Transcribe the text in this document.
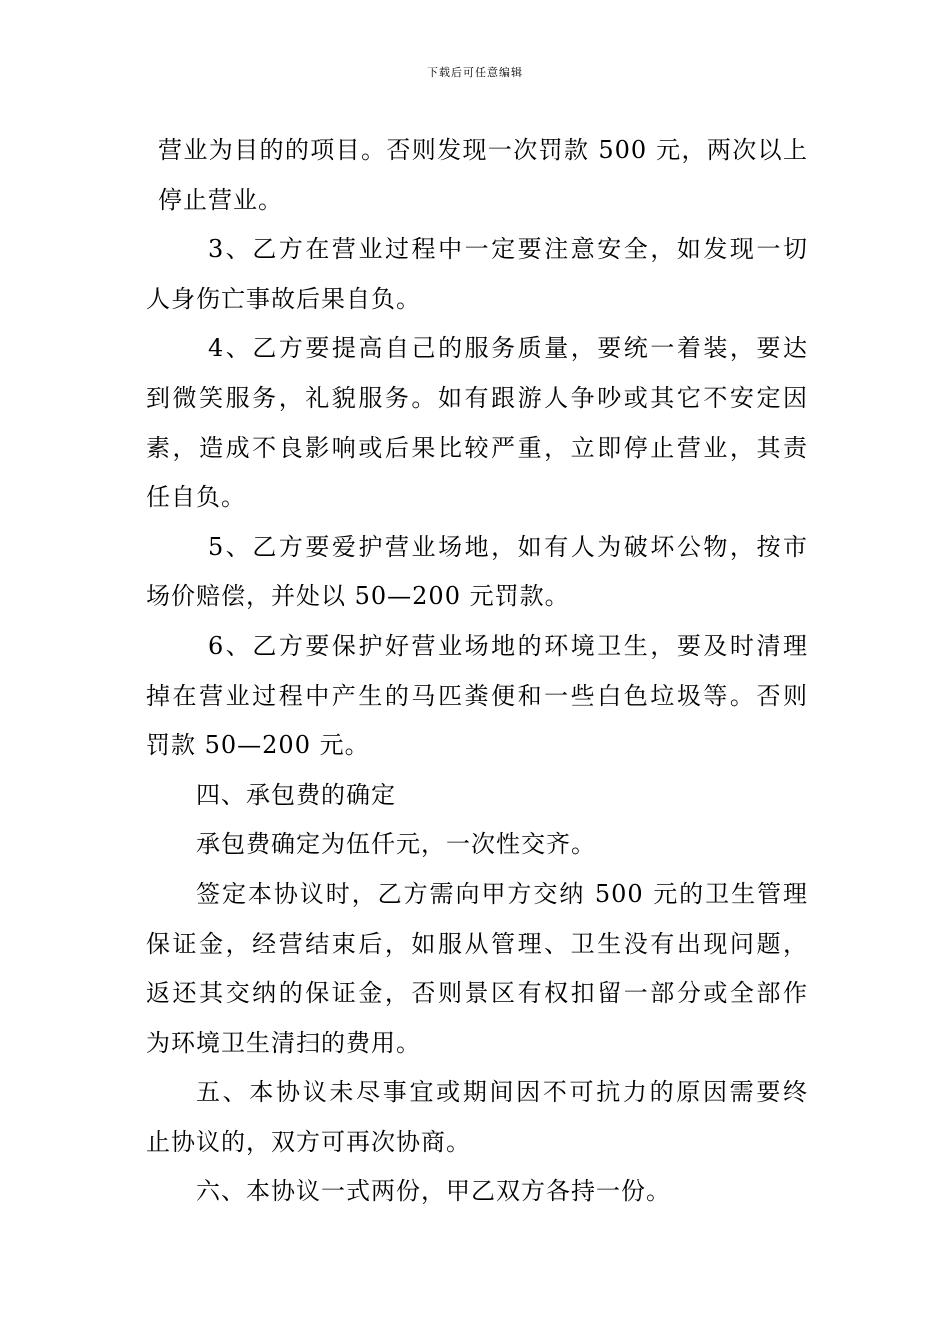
下载后可任意编辑
营业为目的的项目。否则发现一次罚款 500 元，两次以上
停止营业。
3、乙方在营业过程中一定要注意安全，如发现一切
人身伤亡事故后果自负。
4、乙方要提高自己的服务质量，要统一着装，要达
到微笑服务，礼貌服务。如有跟游人争吵或其它不安定因
素，造成不良影响或后果比较严重，立即停止营业，其责
任自负。
5、乙方要爱护营业场地，如有人为破坏公物，按市
场价赔偿，并处以 50—200 元罚款。
6、乙方要保护好营业场地的环境卫生，要及时清理
掉在营业过程中产生的马匹粪便和一些白色垃圾等。否则
罚款 50—200 元。
四、承包费的确定
承包费确定为伍仟元，一次性交齐。
签定本协议时，乙方需向甲方交纳 500 元的卫生管理
保证金，经营结束后，如服从管理、卫生没有出现问题，
返还其交纳的保证金，否则景区有权扣留一部分或全部作
为环境卫生清扫的费用。
五、本协议未尽事宜或期间因不可抗力的原因需要终
止协议的，双方可再次协商。
六、本协议一式两份，甲乙双方各持一份。
